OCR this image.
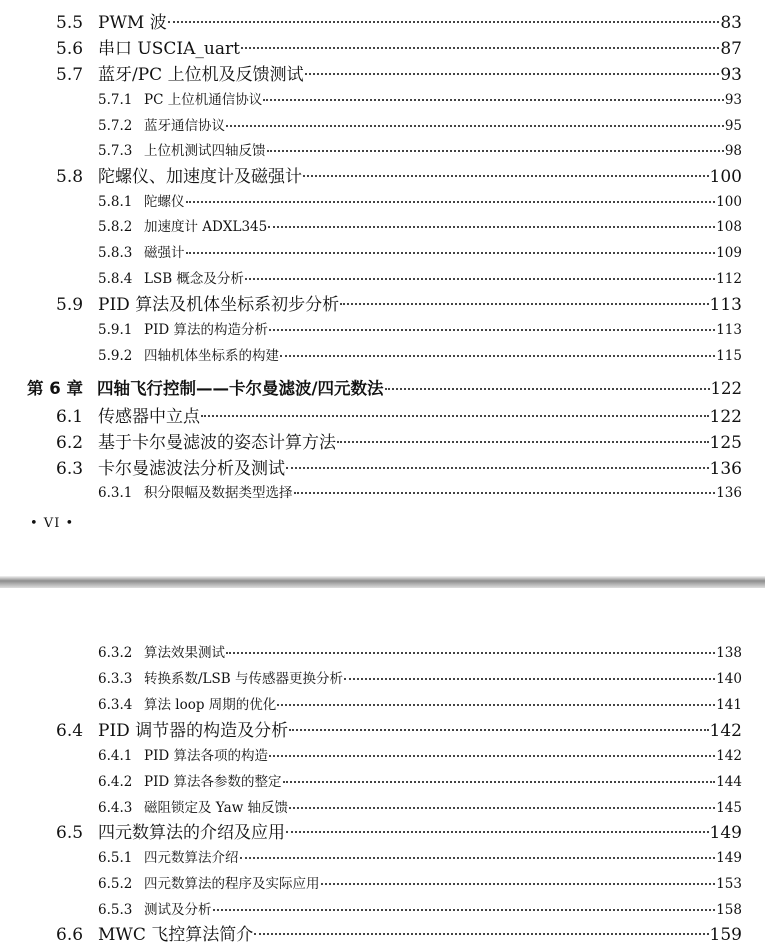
5.5 PWM 波	83
5.6 串口 USCIA_uart	87
5.7 蓝牙/PC 上位机及反馈测试	93
5.7.1 PC 上位机通信协议	93
5.7.2 蓝牙通信协议	95
5.7.3 上位机测试四轴反馈	98
5.8 陀螺仪、加速度计及磁强计	100
5.8.1 陀螺仪	100
5.8.2 加速度计 ADXL345	108
5.8.3 磁强计	109
5.8.4 LSB 概念及分析	112
5.9 PID 算法及机体坐标系初步分析	113
5.9.1 PID 算法的构造分析	113
5.9.2 四轴机体坐标系的构建	115
第 6 章 四轴飞行控制——卡尔曼滤波/四元数法	122
6.1 传感器中立点	122
6.2 基于卡尔曼滤波的姿态计算方法	125
6.3 卡尔曼滤波法分析及测试	136
6.3.1 积分限幅及数据类型选择	136
• VI •
6.3.2 算法效果测试	138
6.3.3 转换系数/LSB 与传感器更换分析	140
6.3.4 算法 loop 周期的优化	141
6.4 PID 调节器的构造及分析	142
6.4.1 PID 算法各项的构造	142
6.4.2 PID 算法各参数的整定	144
6.4.3 磁阻锁定及 Yaw 轴反馈	145
6.5 四元数算法的介绍及应用	149
6.5.1 四元数算法介绍	149
6.5.2 四元数算法的程序及实际应用	153
6.5.3 测试及分析	158
6.6 MWC 飞控算法简介	159
